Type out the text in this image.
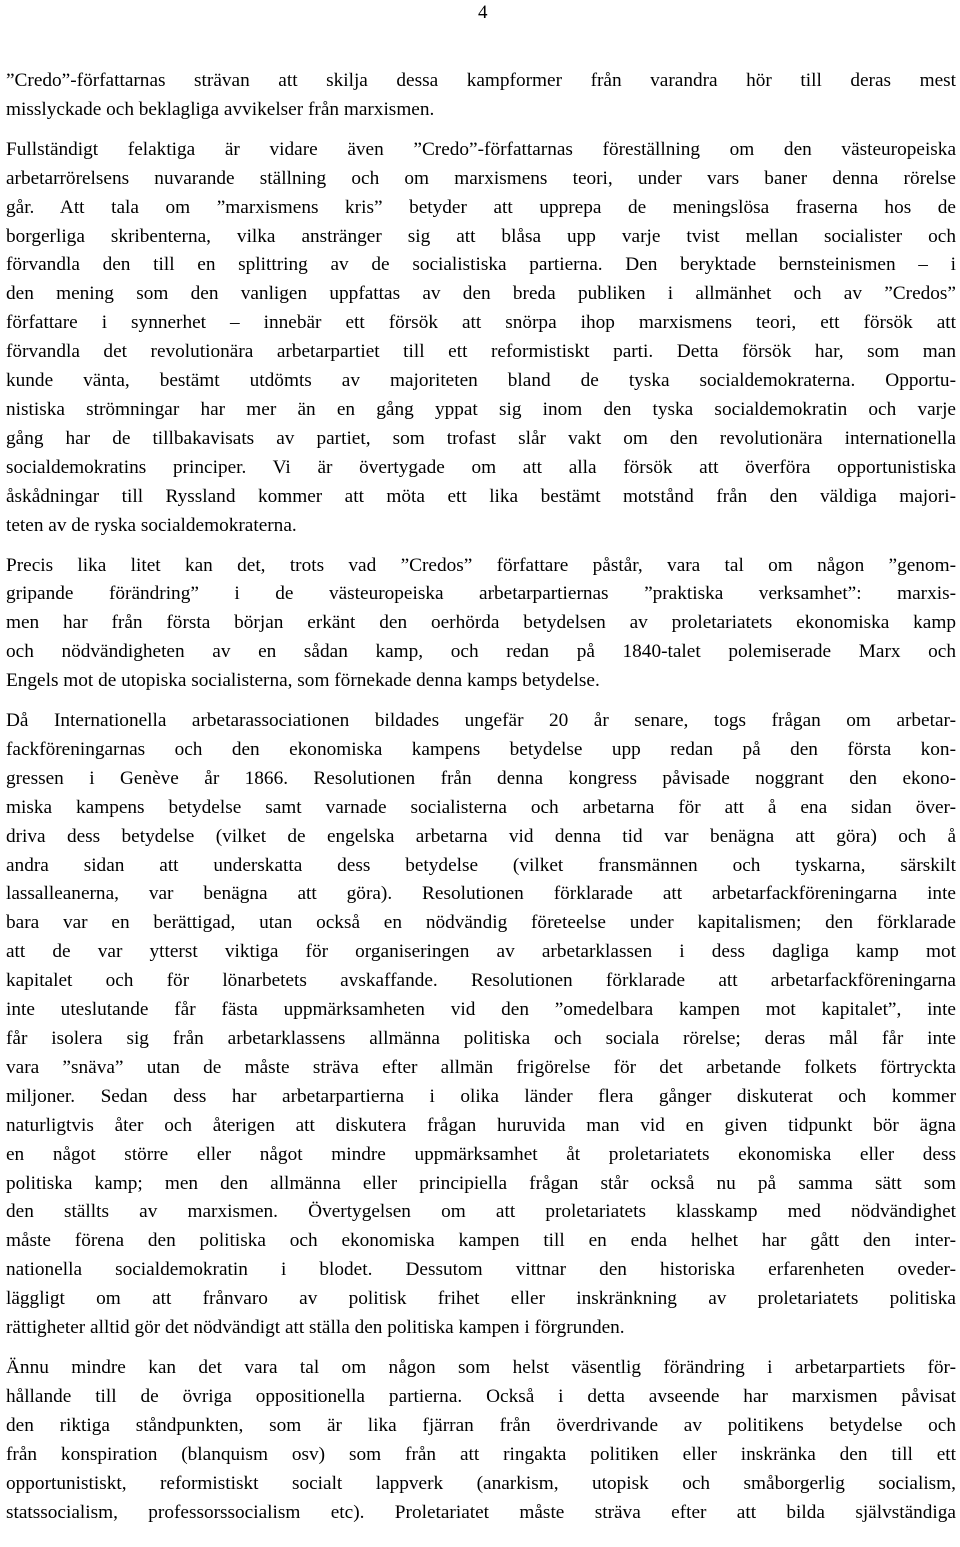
4
”Credo”-författarnas strävan att skilja dessa kampformer från varandra hör till deras mest
misslyckade och beklagliga avvikelser från marxismen.
Fullständigt felaktiga är vidare även ”Credo”-författarnas föreställning om den västeuropeiska
arbetarrörelsens nuvarande ställning och om marxismens teori, under vars baner denna rörelse
går. Att tala om ”marxismens kris” betyder att upprepa de meningslösa fraserna hos de
borgerliga skribenterna, vilka anstränger sig att blåsa upp varje tvist mellan socialister och
förvandla den till en splittring av de socialistiska partierna. Den beryktade bernsteinismen – i
den mening som den vanligen uppfattas av den breda publiken i allmänhet och av ”Credos”
författare i synnerhet – innebär ett försök att snörpa ihop marxismens teori, ett försök att
förvandla det revolutionära arbetarpartiet till ett reformistiskt parti. Detta försök har, som man
kunde vänta, bestämt utdömts av majoriteten bland de tyska socialdemokraterna. Opportu-
nistiska strömningar har mer än en gång yppat sig inom den tyska socialdemokratin och varje
gång har de tillbakavisats av partiet, som trofast slår vakt om den revolutionära internationella
socialdemokratins principer. Vi är övertygade om att alla försök att överföra opportunistiska
åskådningar till Ryssland kommer att möta ett lika bestämt motstånd från den väldiga majori-
teten av de ryska socialdemokraterna.
Precis lika litet kan det, trots vad ”Credos” författare påstår, vara tal om någon ”genom-
gripande förändring” i de västeuropeiska arbetarpartiernas ”praktiska verksamhet”: marxis-
men har från första början erkänt den oerhörda betydelsen av proletariatets ekonomiska kamp
och nödvändigheten av en sådan kamp, och redan på 1840-talet polemiserade Marx och
Engels mot de utopiska socialisterna, som förnekade denna kamps betydelse.
Då Internationella arbetarassociationen bildades ungefär 20 år senare, togs frågan om arbetar-
fackföreningarnas och den ekonomiska kampens betydelse upp redan på den första kon-
gressen i Genève år 1866. Resolutionen från denna kongress påvisade noggrant den ekono-
miska kampens betydelse samt varnade socialisterna och arbetarna för att å ena sidan över-
driva dess betydelse (vilket de engelska arbetarna vid denna tid var benägna att göra) och å
andra sidan att underskatta dess betydelse (vilket fransmännen och tyskarna, särskilt
lassalleanerna, var benägna att göra). Resolutionen förklarade att arbetarfackföreningarna inte
bara var en berättigad, utan också en nödvändig företeelse under kapitalismen; den förklarade
att de var ytterst viktiga för organiseringen av arbetarklassen i dess dagliga kamp mot
kapitalet och för lönarbetets avskaffande. Resolutionen förklarade att arbetarfackföreningarna
inte uteslutande får fästa uppmärksamheten vid den ”omedelbara kampen mot kapitalet”, inte
får isolera sig från arbetarklassens allmänna politiska och sociala rörelse; deras mål får inte
vara ”snäva” utan de måste sträva efter allmän frigörelse för det arbetande folkets förtryckta
miljoner. Sedan dess har arbetarpartierna i olika länder flera gånger diskuterat och kommer
naturligtvis åter och återigen att diskutera frågan huruvida man vid en given tidpunkt bör ägna
en något större eller något mindre uppmärksamhet åt proletariatets ekonomiska eller dess
politiska kamp; men den allmänna eller principiella frågan står också nu på samma sätt som
den ställts av marxismen. Övertygelsen om att proletariatets klasskamp med nödvändighet
måste förena den politiska och ekonomiska kampen till en enda helhet har gått den inter-
nationella socialdemokratin i blodet. Dessutom vittnar den historiska erfarenheten oveder-
läggligt om att frånvaro av politisk frihet eller inskränkning av proletariatets politiska
rättigheter alltid gör det nödvändigt att ställa den politiska kampen i förgrunden.
Ännu mindre kan det vara tal om någon som helst väsentlig förändring i arbetarpartiets för-
hållande till de övriga oppositionella partierna. Också i detta avseende har marxismen påvisat
den riktiga ståndpunkten, som är lika fjärran från överdrivande av politikens betydelse och
från konspiration (blanquism osv) som från att ringakta politiken eller inskränka den till ett
opportunistiskt, reformistiskt socialt lappverk (anarkism, utopisk och småborgerlig socialism,
statssocialism, professorssocialism etc). Proletariatet måste sträva efter att bilda självständiga
